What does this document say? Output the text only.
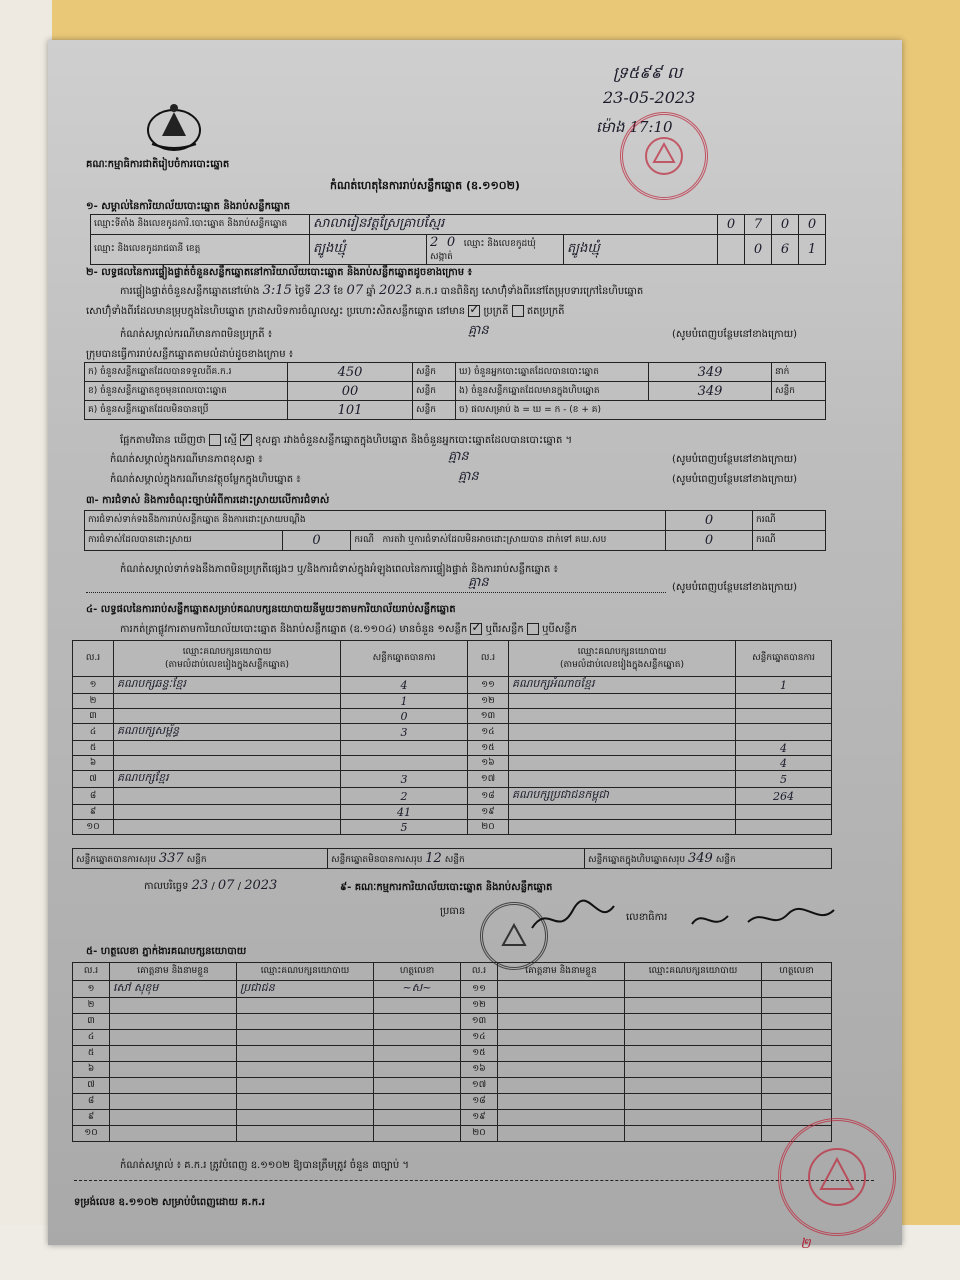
ទ្រ៥៩៩ ល
23-05-2023
ម៉ោង 17:10
គណៈកម្មាធិការជាតិរៀបចំការបោះឆ្នោត
កំណត់ហេតុនៃការរាប់សន្លឹកឆ្នោត (ឧ.១១០២)
១- សម្គាល់នៃការិយាល័យបោះឆ្នោត និងរាប់សន្លឹកឆ្នោត
ឈ្មោះទីតាំង និងលេខកូដការិ.បោះឆ្នោត និងរាប់សន្លឹកឆ្នោត	សាលារៀនវត្តស្រែគ្រាបស្មែរ			0	7	0	0
ឈ្មោះ និងលេខកូដរាជធានី ខេត្ត	ត្បូងឃ្មុំ	2 0 ឈ្មោះ និងលេខកូដឃុំ សង្កាត់	ត្បូងឃ្មុំ		0	6	1
២- លទ្ធផលនៃការផ្ទៀងផ្ទាត់ចំនួនសន្លឹកឆ្នោតនៅការិយាល័យបោះឆ្នោត និងរាប់សន្លឹកឆ្នោតដូចខាងក្រោម ៖
ការផ្ទៀងផ្ទាត់ចំនួនសន្លឹកឆ្នោតនៅម៉ោង 3:15 ថ្ងៃទី 23 ខែ 07 ឆ្នាំ 2023 គ.ក.រ បានពិនិត្យ សោហ៊ុំទាំងពីរនៅតែម្រុបទារក្រៅនៃហិបឆ្នោត
សោហ៊ុំទាំងពីរដែលមានម្រុបក្នុងនៃហិបឆ្នោត ក្រដាសបិទការចំណូលស្ទះ ប្រហោះសិតសន្លឹកឆ្នោត នៅមាន ✓ ប្រក្រតី ឥតប្រក្រតី
កំណត់សម្គាល់ករណីមានភាពមិនប្រក្រតី ៖	គ្មាន	(សូមបំពេញបន្ថែមនៅខាងក្រោយ)
ក្រុមបានធ្វើការរាប់សន្លឹកឆ្នោតតាមលំដាប់ដូចខាងក្រោម ៖
ក) ចំនួនសន្លឹកឆ្នោតដែលបានទទួលពីគ.ក.រ	450	សន្លឹក	ឃ) ចំនួនអ្នកបោះឆ្នោតដែលបានបោះឆ្នោត	349	នាក់
ខ) ចំនួនសន្លឹកឆ្នោតខូចមុនពេលបោះឆ្នោត	00	សន្លឹក	ង) ចំនួនសន្លឹកឆ្នោតដែលមានក្នុងហិបឆ្នោត	349	សន្លឹក
គ) ចំនួនសន្លឹកឆ្នោតដែលមិនបានប្រើ	101	សន្លឹក	ច) ផលសម្រាប់ ង = ឃ = ក - (ខ + គ)		
ផ្អែកតាមវិធាន ឃើញថា ស្មើ ✓ ខុសគ្នា រវាងចំនួនសន្លឹកឆ្នោតក្នុងហិបឆ្នោត និងចំនួនអ្នកបោះឆ្នោតដែលបានបោះឆ្នោត ។
កំណត់សម្គាល់ក្នុងករណីមានភាពខុសគ្នា ៖	គ្មាន	(សូមបំពេញបន្ថែមនៅខាងក្រោយ)
កំណត់សម្គាល់ក្នុងករណីមានវត្ថុចម្លែកក្នុងហិបឆ្នោត ៖	គ្មាន	(សូមបំពេញបន្ថែមនៅខាងក្រោយ)
៣- ការជំទាស់ និងការចំណុះច្បាប់អំពីការដោះស្រាយលើការជំទាស់
ការជំទាស់ទាក់ទងនឹងការរាប់សន្លឹកឆ្នោត និងការដោះស្រាយបណ្តឹង			0	ករណី
ការជំទាស់ដែលបានដោះស្រាយ	0	ករណី ការតវ៉ា ឬការជំទាស់ដែលមិនអាចដោះស្រាយបាន ដាក់ទៅ គឃ.សប	0	ករណី
កំណត់សម្គាល់ទាក់ទងនឹងភាពមិនប្រក្រតីផ្សេងៗ ឬ/និងការជំទាស់ក្នុងអំឡុងពេលនៃការផ្ទៀងផ្ទាត់ និងការរាប់សន្លឹកឆ្នោត ៖
គ្មាន	(សូមបំពេញបន្ថែមនៅខាងក្រោយ)
៤- លទ្ធផលនៃការរាប់សន្លឹកឆ្នោតសម្រាប់គណបក្សនយោបាយនីមួយៗតាមការិយាល័យរាប់សន្លឹកឆ្នោត
ការកត់ត្រាផ្លូវការតាមការិយាល័យបោះឆ្នោត និងរាប់សន្លឹកឆ្នោត (ឧ.១១០៤) មានចំនួន ១សន្លឹក ✓ ឬពីរសន្លឹក ឬបីសន្លឹក
ល.រ	ឈ្មោះគណបក្សនយោបាយ
(តាមលំដាប់លេខរៀងក្នុងសន្លឹកឆ្នោត)	សន្លឹកឆ្នោតបានការ	ល.រ	ឈ្មោះគណបក្សនយោបាយ
(តាមលំដាប់លេខរៀងក្នុងសន្លឹកឆ្នោត)	សន្លឹកឆ្នោតបានការ
១	គណបក្សឆន្ទៈខ្មែរ	4	១១	គណបក្សអំណាចខ្មែរ	1
២		1	១២		
៣		0	១៣		
៤	គណបក្សសម្ព័ន្ធ	3	១៤		
៥			១៥		4
៦			១៦		4
៧	គណបក្សខ្មែរ	3	១៧		5
៨		2	១៨	គណបក្សប្រជាជនកម្ពុជា	264
៩		41	១៩		
១០		5	២០		
សន្លឹកឆ្នោតបានការសរុប 337 សន្លឹក	សន្លឹកឆ្នោតមិនបានការសរុប 12 សន្លឹក	សន្លឹកឆ្នោតក្នុងហិបឆ្នោតសរុប 349 សន្លឹក
កាលបរិច្ឆេទ 23 / 07 / 2023	៩- គណៈកម្មការការិយាល័យបោះឆ្នោត និងរាប់សន្លឹកឆ្នោត
ប្រធាន
លេខាធិការ
៥- ហត្ថលេខា ភ្នាក់ងារគណបក្សនយោបាយ
ល.រ	គោត្តនាម និងនាមខ្លួន	ឈ្មោះគណបក្សនយោបាយ	ហត្ថលេខា	ល.រ	គោត្តនាម និងនាមខ្លួន	ឈ្មោះគណបក្សនយោបាយ	ហត្ថលេខា
១	សៅ សុខុម	ប្រជាជន	~ស~	១១			
២				១២			
៣				១៣			
៤				១៤			
៥				១៥			
៦				១៦			
៧				១៧			
៨				១៨			
៩				១៩			
១០				២០			
កំណត់សម្គាល់ ៖ គ.ក.រ ត្រូវបំពេញ ឧ.១១០២ ឱ្យបានត្រឹមត្រូវ ចំនួន ៣ច្បាប់ ។
ទម្រង់លេខ ឧ.១១០២ សម្រាប់បំពេញដោយ គ.ក.រ
២
